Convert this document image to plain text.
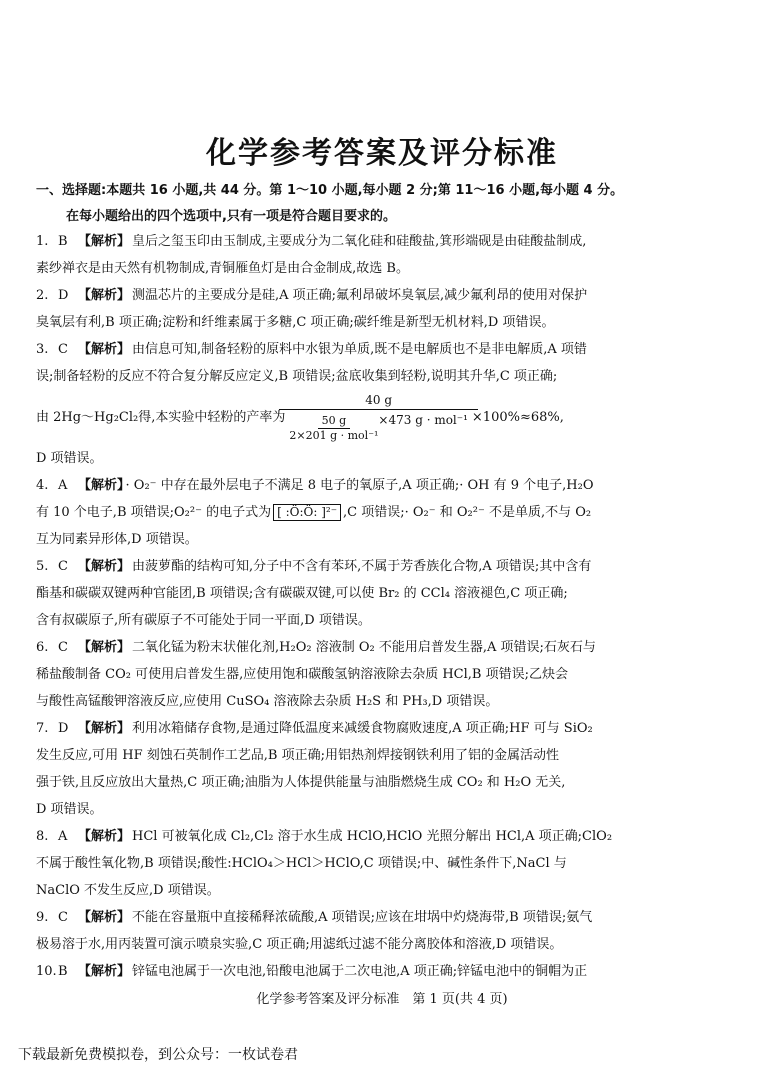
化学参考答案及评分标准
一、选择题:本题共 16 小题,共 44 分。第 1～10 小题,每小题 2 分;第 11～16 小题,每小题 4 分。
在每小题给出的四个选项中,只有一项是符合题目要求的。

1. B 【解析】 皇后之玺玉印由玉制成,主要成分为二氧化硅和硅酸盐,箕形端砚是由硅酸盐制成,

素纱禅衣是由天然有机物制成,青铜雁鱼灯是由合金制成,故选 B。

2. D 【解析】 测温芯片的主要成分是硅,A 项正确;氟利昂破坏臭氧层,减少氟利昂的使用对保护

臭氧层有利,B 项正确;淀粉和纤维素属于多糖,C 项正确;碳纤维是新型无机材料,D 项错误。

3. C 【解析】 由信息可知,制备轻粉的原料中水银为单质,既不是电解质也不是非电解质,A 项错

误;制备轻粉的反应不符合复分解反应定义,B 项错误;盆底收集到轻粉,说明其升华,C 项正确;

由 2Hg～Hg₂Cl₂得,本实验中轻粉的产率为
40 g
50 g
2×201 g · mol⁻¹
×473 g · mol⁻¹ ×100%≈68%,

D 项错误。

4. A 【解析】 · O₂⁻ 中存在最外层电子不满足 8 电子的氧原子,A 项正确;· OH 有 9 个电子,H₂O

有 10 个电子,B 项错误;O₂²⁻ 的电子式为 [ :Ö:Ö: ]²⁻ ,C 项错误;· O₂⁻ 和 O₂²⁻ 不是单质,不与 O₂

互为同素异形体,D 项错误。

5. C 【解析】 由菠萝酯的结构可知,分子中不含有苯环,不属于芳香族化合物,A 项错误;其中含有

酯基和碳碳双键两种官能团,B 项错误;含有碳碳双键,可以使 Br₂ 的 CCl₄ 溶液褪色,C 项正确;

含有叔碳原子,所有碳原子不可能处于同一平面,D 项错误。

6. C 【解析】 二氧化锰为粉末状催化剂,H₂O₂ 溶液制 O₂ 不能用启普发生器,A 项错误;石灰石与

稀盐酸制备 CO₂ 可使用启普发生器,应使用饱和碳酸氢钠溶液除去杂质 HCl,B 项错误;乙炔会

与酸性高锰酸钾溶液反应,应使用 CuSO₄ 溶液除去杂质 H₂S 和 PH₃,D 项错误。

7. D 【解析】 利用冰箱储存食物,是通过降低温度来减缓食物腐败速度,A 项正确;HF 可与 SiO₂

发生反应,可用 HF 刻蚀石英制作工艺品,B 项正确;用铝热剂焊接钢铁利用了铝的金属活动性

强于铁,且反应放出大量热,C 项正确;油脂为人体提供能量与油脂燃烧生成 CO₂ 和 H₂O 无关,

D 项错误。

8. A 【解析】 HCl 可被氧化成 Cl₂,Cl₂ 溶于水生成 HClO,HClO 光照分解出 HCl,A 项正确;ClO₂

不属于酸性氧化物,B 项错误;酸性:HClO₄＞HCl＞HClO,C 项错误;中、碱性条件下,NaCl 与

NaClO 不发生反应,D 项错误。

9. C 【解析】 不能在容量瓶中直接稀释浓硫酸,A 项错误;应该在坩埚中灼烧海带,B 项错误;氨气

极易溶于水,用丙装置可演示喷泉实验,C 项正确;用滤纸过滤不能分离胶体和溶液,D 项错误。

10.B 【解析】 锌锰电池属于一次电池,铅酸电池属于二次电池,A 项正确;锌锰电池中的铜帽为正

化学参考答案及评分标准　第 1 页(共 4 页)
下载最新免费模拟卷，到公众号：一枚试卷君
